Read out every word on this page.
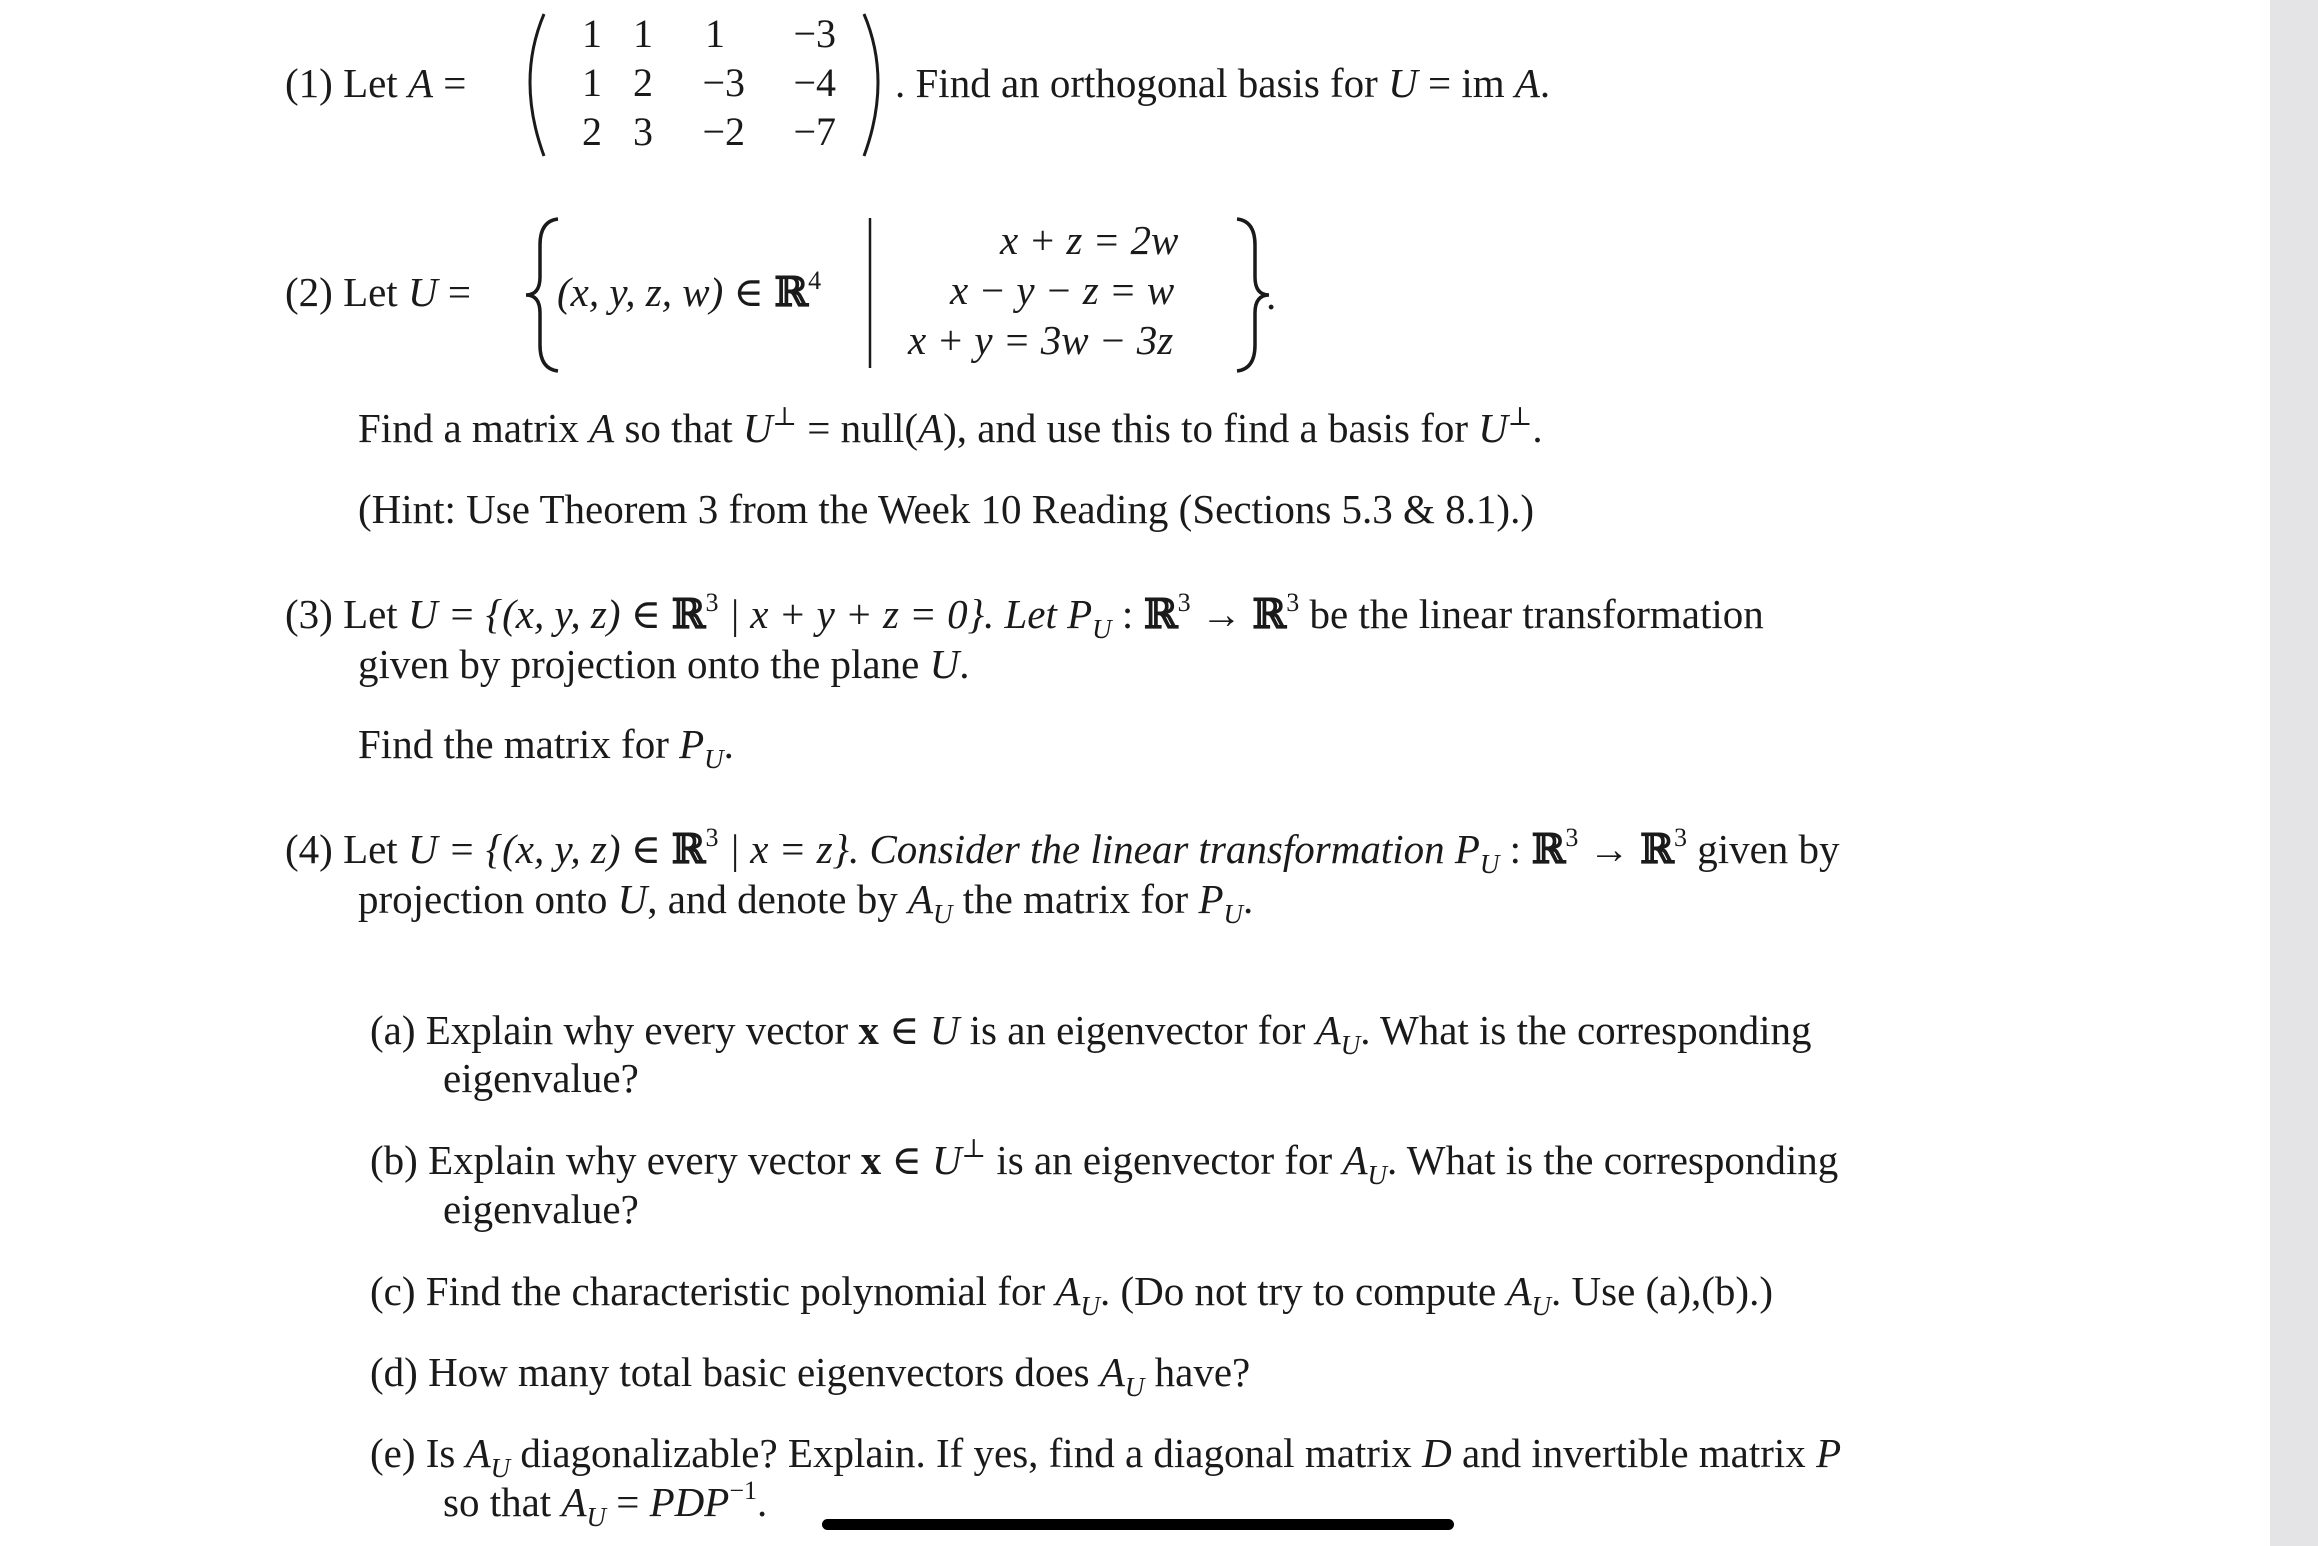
(1) Let A =
1 1	1	−3
1 2	−3	−4
2 3	−2	−7
. Find an orthogonal basis for U = im A.
(2) Let U = (x, y, z, w) ∈ ℝ$^4$
x + z = 2w
x − y − z = w
x + y = 3w − 3z
.
Find a matrix A so that U⊥ = null(A), and use this to find a basis for U⊥.
(Hint: Use Theorem 3 from the Week 10 Reading (Sections 5.3 & 8.1).)
(3) Let U = {(x, y, z) ∈ ℝ$^3$ | x + y + z = 0}. Let $P_U$ : ℝ$^3$ → ℝ$^3$ be the linear transformation
given by projection onto the plane U.
Find the matrix for $P_U$.
(4) Let U = {(x, y, z) ∈ ℝ$^3$ | x = z}. Consider the linear transformation $P_U$ : ℝ$^3$ → ℝ$^3$ given by
projection onto U, and denote by $A_U$ the matrix for $P_U$.
(a) Explain why every vector x ∈ U is an eigenvector for $A_U$. What is the corresponding
eigenvalue?
(b) Explain why every vector x ∈ U⊥ is an eigenvector for $A_U$. What is the corresponding
eigenvalue?
(c) Find the characteristic polynomial for $A_U$. (Do not try to compute $A_U$. Use (a),(b).)
(d) How many total basic eigenvectors does $A_U$ have?
(e) Is $A_U$ diagonalizable? Explain. If yes, find a diagonal matrix D and invertible matrix P
so that $A_U = PDP^{-1}$.
